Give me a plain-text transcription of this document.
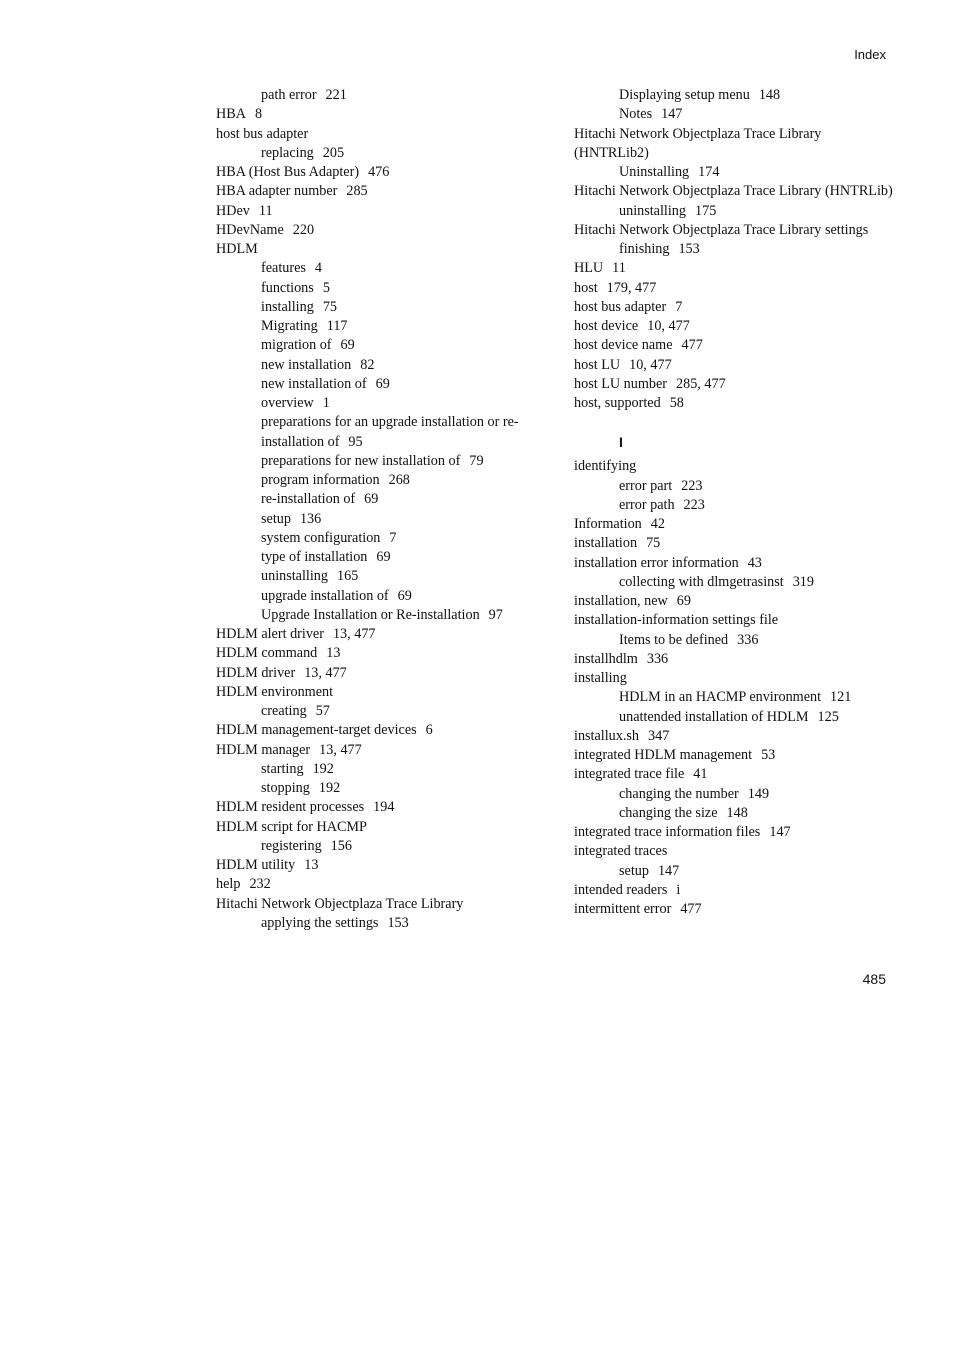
Index
path error 221
HBA 8
host bus adapter
replacing 205
HBA (Host Bus Adapter) 476
HBA adapter number 285
HDev 11
HDevName 220
HDLM
features 4
functions 5
installing 75
Migrating 117
migration of 69
new installation 82
new installation of 69
overview 1
preparations for an upgrade installation or re-installation of 95
preparations for new installation of 79
program information 268
re-installation of 69
setup 136
system configuration 7
type of installation 69
uninstalling 165
upgrade installation of 69
Upgrade Installation or Re-installation 97
HDLM alert driver 13, 477
HDLM command 13
HDLM driver 13, 477
HDLM environment
creating 57
HDLM management-target devices 6
HDLM manager 13, 477
starting 192
stopping 192
HDLM resident processes 194
HDLM script for HACMP
registering 156
HDLM utility 13
help 232
Hitachi Network Objectplaza Trace Library
applying the settings 153
Displaying setup menu 148
Notes 147
Hitachi Network Objectplaza Trace Library (HNTRLib2)
Uninstalling 174
Hitachi Network Objectplaza Trace Library (HNTRLib)
uninstalling 175
Hitachi Network Objectplaza Trace Library settings
finishing 153
HLU 11
host 179, 477
host bus adapter 7
host device 10, 477
host device name 477
host LU 10, 477
host LU number 285, 477
host, supported 58
I
identifying
error part 223
error path 223
Information 42
installation 75
installation error information 43
collecting with dlmgetrasinst 319
installation, new 69
installation-information settings file
Items to be defined 336
installhdlm 336
installing
HDLM in an HACMP environment 121
unattended installation of HDLM 125
installux.sh 347
integrated HDLM management 53
integrated trace file 41
changing the number 149
changing the size 148
integrated trace information files 147
integrated traces
setup 147
intended readers i
intermittent error 477
485
